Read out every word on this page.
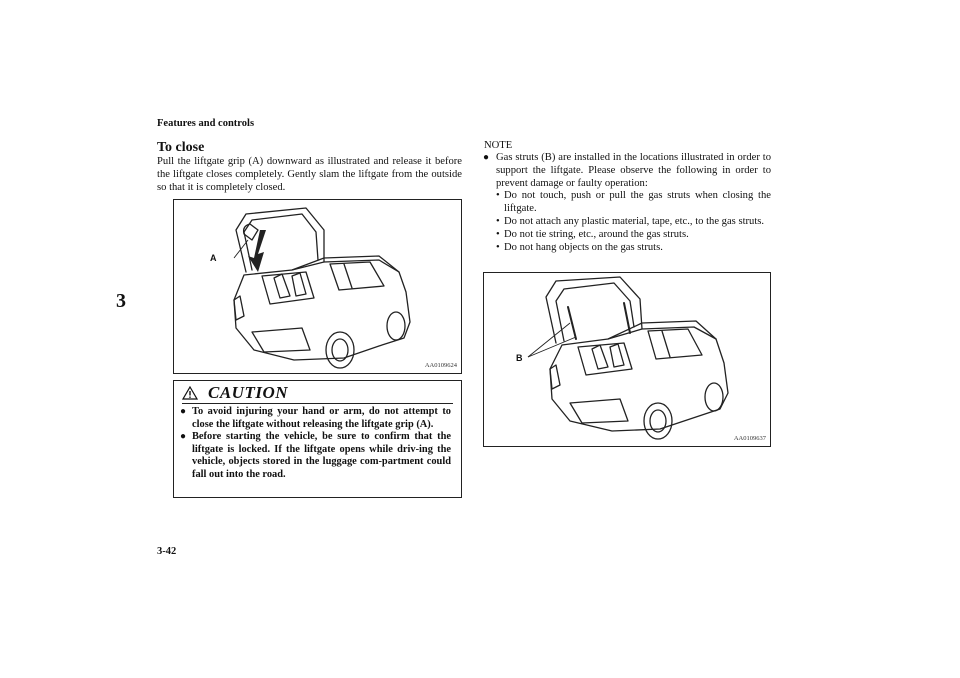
Features and controls
3
To close
Pull the liftgate grip (A) downward as illustrated and release it before the liftgate closes completely. Gently slam the liftgate from the outside so that it is completely closed.
A
AA0109624
CAUTION
● To avoid injuring your hand or arm, do not attempt to close the liftgate without releasing the liftgate grip (A).
● Before starting the vehicle, be sure to confirm that the liftgate is locked. If the liftgate opens while driv-ing the vehicle, objects stored in the luggage com-partment could fall out into the road.
NOTE
● Gas struts (B) are installed in the locations illustrated in order to support the liftgate. Please observe the following in order to prevent damage or faulty operation:
• Do not touch, push or pull the gas struts when closing the liftgate.
• Do not attach any plastic material, tape, etc., to the gas struts.
• Do not tie string, etc., around the gas struts.
• Do not hang objects on the gas struts.
B
AA0109637
3-42
